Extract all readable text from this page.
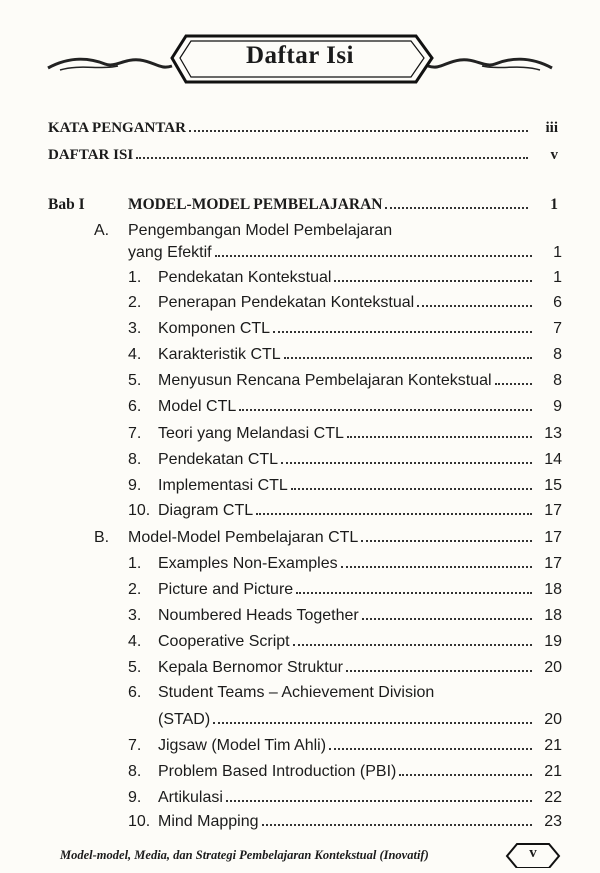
Daftar Isi
KATA PENGANTAR	iii
DAFTAR ISI	v
Bab I	MODEL-MODEL PEMBELAJARAN	1
A. Pengembangan Model Pembelajaran
yang Efektif	1
1. Pendekatan Kontekstual	1
2. Penerapan Pendekatan Kontekstual	6
3. Komponen CTL	7
4. Karakteristik CTL	8
5. Menyusun Rencana Pembelajaran Kontekstual	8
6. Model CTL	9
7. Teori yang Melandasi CTL	13
8. Pendekatan CTL	14
9. Implementasi CTL	15
10. Diagram CTL	17
B. Model-Model Pembelajaran CTL	17
1. Examples Non-Examples	17
2. Picture and Picture	18
3. Noumbered Heads Together	18
4. Cooperative Script	19
5. Kepala Bernomor Struktur	20
6. Student Teams – Achievement Division
(STAD)	20
7. Jigsaw (Model Tim Ahli)	21
8. Problem Based Introduction (PBI)	21
9. Artikulasi	22
10. Mind Mapping	23
Model-model, Media, dan Strategi Pembelajaran Kontekstual (Inovatif)	v
